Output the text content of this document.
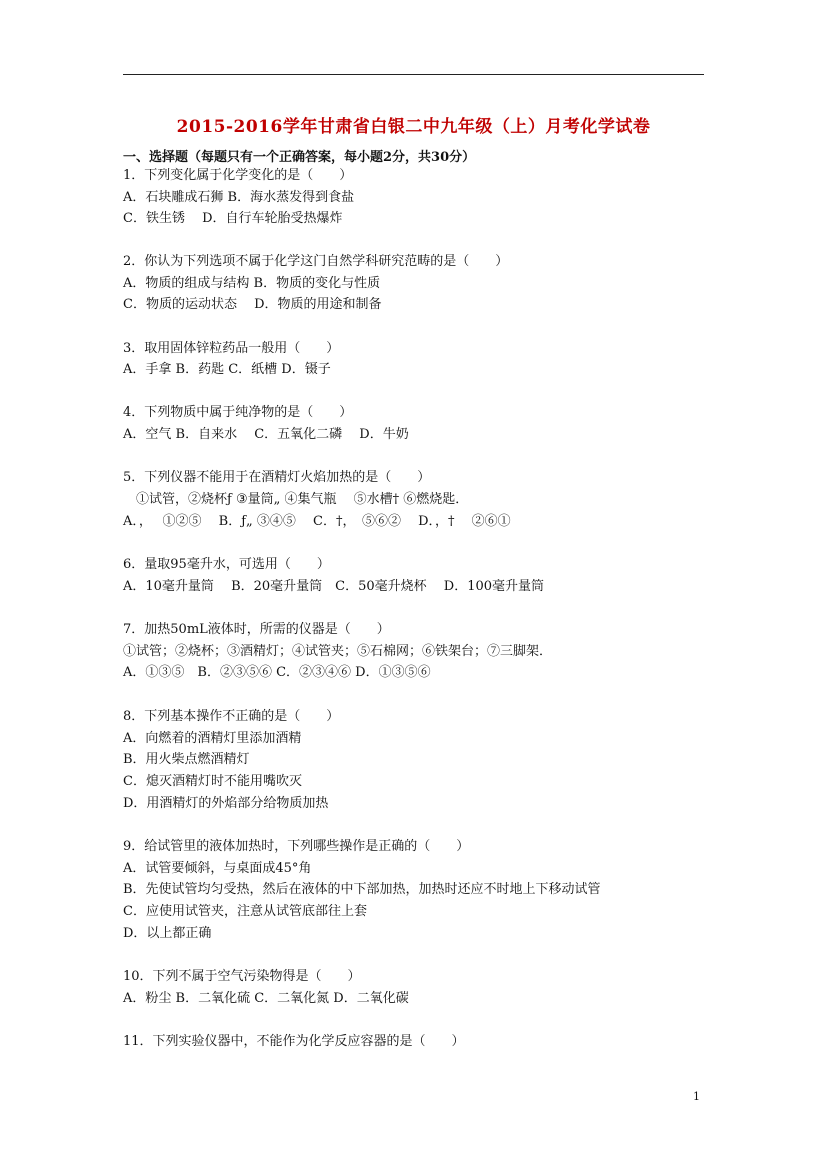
2015-2016学年甘肃省白银二中九年级（上）月考化学试卷
一、选择题（每题只有一个正确答案，每小题2分，共30分）
1．下列变化属于化学变化的是（　　）
A．石块雕成石狮 B．海水蒸发得到食盐
C．铁生锈　 D．自行车轮胎受热爆炸
2．你认为下列选项不属于化学这门自然学科研究范畴的是（　　）
A．物质的组成与结构 B．物质的变化与性质
C．物质的运动状态　 D．物质的用途和制备
3．取用固体锌粒药品一般用（　　）
A．手拿 B．药匙 C．纸槽 D．镊子
4．下列物质中属于纯净物的是（　　）
A．空气 B．自来水　 C．五氧化二磷　 D．牛奶
5．下列仪器不能用于在酒精灯火焰加热的是（　　）
　①试管，②烧杯ƒ ③量筒„ ④集气瓶　 ⑤水槽† ⑥燃烧匙．
A．，　 ①②⑤　 B．ƒ„ ③④⑤　 C．†，　⑤⑥②　 D．，†　 ②⑥①
6．量取95毫升水，可选用（　　）
A．10毫升量筒　 B．20毫升量筒　C．50毫升烧杯　 D．100毫升量筒
7．加热50mL液体时，所需的仪器是（　　）
①试管；②烧杯；③酒精灯；④试管夹；⑤石棉网；⑥铁架台；⑦三脚架．
A．①③⑤　B．②③⑤⑥ C．②③④⑥ D．①③⑤⑥
8．下列基本操作不正确的是（　　）
A．向燃着的酒精灯里添加酒精
B．用火柴点燃酒精灯
C．熄灭酒精灯时不能用嘴吹灭
D．用酒精灯的外焰部分给物质加热
9．给试管里的液体加热时，下列哪些操作是正确的（　　）
A．试管要倾斜，与桌面成45°角
B．先使试管均匀受热，然后在液体的中下部加热，加热时还应不时地上下移动试管
C．应使用试管夹，注意从试管底部往上套
D．以上都正确
10．下列不属于空气污染物得是（　　）
A．粉尘 B．二氧化硫 C．二氧化氮 D．二氧化碳
11．下列实验仪器中，不能作为化学反应容器的是（　　）
1
